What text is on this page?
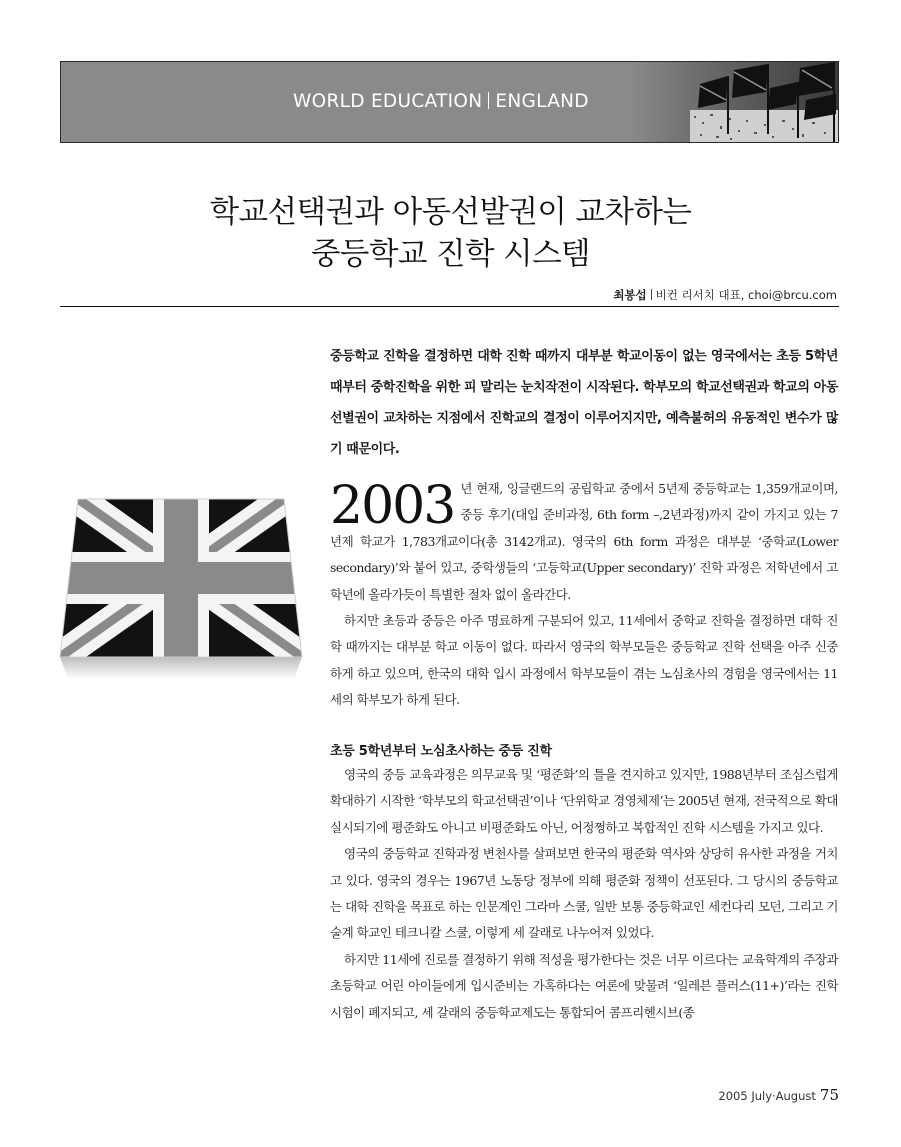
WORLD EDUCATION ENGLAND
학교선택권과 아동선발권이 교차하는
중등학교 진학 시스템
최봉섭 비컨 리서치 대표, choi@brcu.com
중등학교 진학을 결정하면 대학 진학 때까지 대부분 학교이동이 없는 영국에서는 초등 5학년 때부터 중학진학을 위한 피 말리는 눈치작전이 시작된다. 학부모의 학교선택권과 학교의 아동선별권이 교차하는 지점에서 진학교의 결정이 이루어지지만, 예측불허의 유동적인 변수가 많기 때문이다.

2003 년 현재, 잉글랜드의 공립학교 중에서 5년제 중등학교는 1,359개교이며, 중등 후기(대입 준비과정, 6th form –,2년과정)까지 같이 가지고 있는 7년제 학교가 1,783개교이다(총 3142개교). 영국의 6th form 과정은 대부분 ‘중학교(Lower secondary)’와 붙어 있고, 중학생들의 ‘고등학교(Upper secondary)’ 진학 과정은 저학년에서 고학년에 올라가듯이 특별한 절차 없이 올라간다.

하지만 초등과 중등은 아주 명료하게 구분되어 있고, 11세에서 중학교 진학을 결정하면 대학 진학 때까지는 대부분 학교 이동이 없다. 따라서 영국의 학부모들은 중등학교 진학 선택을 아주 신중하게 하고 있으며, 한국의 대학 입시 과정에서 학부모들이 겪는 노심초사의 경험을 영국에서는 11세의 학부모가 하게 된다.

초등 5학년부터 노심초사하는 중등 진학

영국의 중등 교육과정은 의무교육 및 ‘평준화’의 틀을 견지하고 있지만, 1988년부터 조심스럽게 확대하기 시작한 ‘학부모의 학교선택권’이나 ‘단위학교 경영체제’는 2005년 현재, 전국적으로 확대 실시되기에 평준화도 아니고 비평준화도 아닌, 어정쩡하고 복합적인 진학 시스템을 가지고 있다.

영국의 중등학교 진학과정 변천사를 살펴보면 한국의 평준화 역사와 상당히 유사한 과정을 거치고 있다. 영국의 경우는 1967년 노동당 정부에 의해 평준화 정책이 선포된다. 그 당시의 중등학교는 대학 진학을 목표로 하는 인문계인 그라마 스쿨, 일반 보통 중등학교인 세컨다리 모던, 그리고 기술계 학교인 테크니칼 스쿨, 이렇게 세 갈래로 나누어져 있었다.

하지만 11세에 진로를 결정하기 위해 적성을 평가한다는 것은 너무 이르다는 교육학계의 주장과 초등학교 어린 아이들에게 입시준비는 가혹하다는 여론에 맞물려 ‘일레븐 플러스(11+)’라는 진학시험이 폐지되고, 세 갈래의 중등학교제도는 통합되어 콤프리헨시브(종

2005 July·August 75
